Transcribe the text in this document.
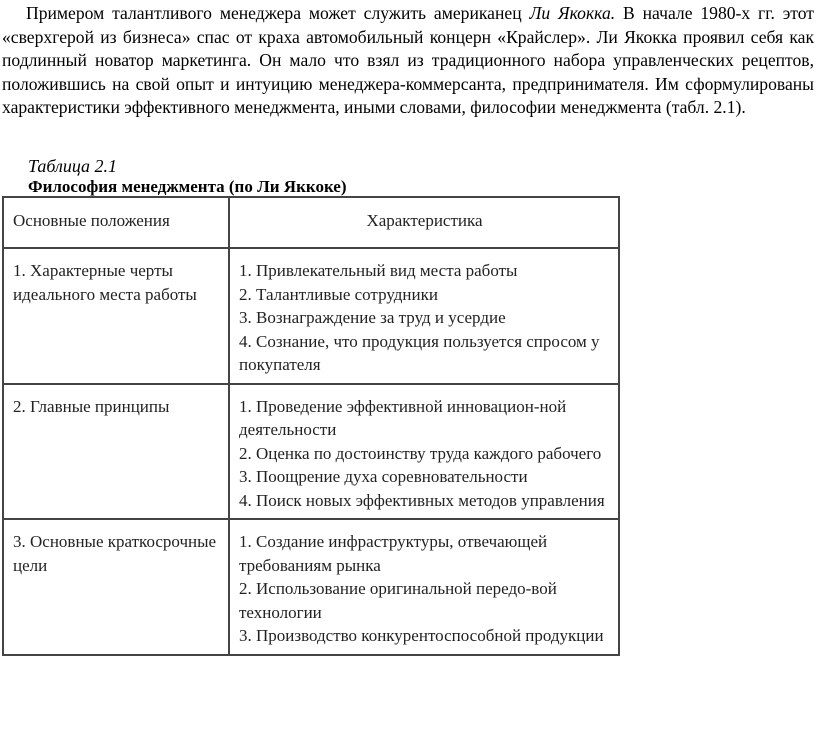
Примером талантливого менеджера может служить американец Ли Якокка. В начале 1980-х гг. этот «сверхгерой из бизнеса» спас от краха автомобильный концерн «Крайслер». Ли Якокка проявил себя как подлинный новатор маркетинга. Он мало что взял из традиционного набора управленческих рецептов, положившись на свой опыт и интуицию менеджера-коммерсанта, предпринимателя. Им сформулированы характеристики эффективного менеджмента, иными словами, философии менеджмента (табл. 2.1).

Таблица 2.1

Философия менеджмента (по Ли Яккоке)

Основные положения	Характеристика
1. Характерные черты идеального места работы	1. Привлекательный вид места работы
2. Талантливые сотрудники
3. Вознаграждение за труд и усердие
4. Сознание, что продукция пользуется спросом у покупателя

2. Главные принципы	1. Проведение эффективной инновацион-ной деятельности
2. Оценка по достоинству труда каждого рабочего
3. Поощрение духа соревновательности
4. Поиск новых эффективных методов управления

3. Основные краткосрочные цели	1. Создание инфраструктуры, отвечающей требованиям рынка
2. Использование оригинальной передо-вой технологии
3. Производство конкурентоспособной продукции
